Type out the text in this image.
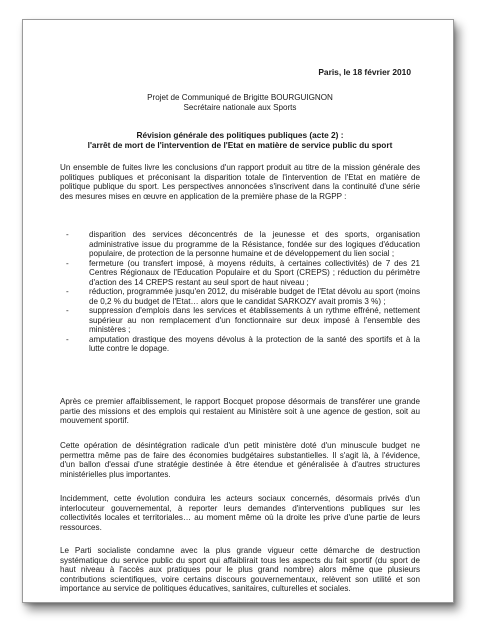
Paris, le 18 février 2010
Projet de Communiqué de Brigitte BOURGUIGNON
Secrétaire nationale aux Sports
Révision générale des politiques publiques (acte 2) :
l'arrêt de mort de l'intervention de l'Etat en matière de service public du sport

Un ensemble de fuites livre les conclusions d'un rapport produit au titre de la mission générale des politiques publiques et préconisant la disparition totale de l'intervention de l'Etat en matière de politique publique du sport. Les perspectives annoncées s'inscrivent dans la continuité d'une série des mesures mises en œuvre en application de la première phase de la RGPP :

-	disparition des services déconcentrés de la jeunesse et des sports, organisation administrative issue du programme de la Résistance, fondée sur des logiques d'éducation populaire, de protection de la personne humaine et de développement du lien social ;
-	fermeture (ou transfert imposé, à moyens réduits, à certaines collectivités) de 7 des 21 Centres Régionaux de l'Education Populaire et du Sport (CREPS) ; réduction du périmètre d'action des 14 CREPS restant au seul sport de haut niveau ;
-	réduction, programmée jusqu'en 2012, du misérable budget de l'Etat dévolu au sport (moins de 0,2 % du budget de l'Etat… alors que le candidat SARKOZY avait promis 3 %) ;
-	suppression d'emplois dans les services et établissements à un rythme effréné, nettement supérieur au non remplacement d'un fonctionnaire sur deux imposé à l'ensemble des ministères ;
-	amputation drastique des moyens dévolus à la protection de la santé des sportifs et à la lutte contre le dopage.

Après ce premier affaiblissement, le rapport Bocquet propose désormais de transférer une grande partie des missions et des emplois qui restaient au Ministère soit à une agence de gestion, soit au mouvement sportif.

Cette opération de désintégration radicale d'un petit ministère doté d'un minuscule budget ne permettra même pas de faire des économies budgétaires substantielles. Il s'agit là, à l'évidence, d'un ballon d'essai d'une stratégie destinée à être étendue et généralisée à d'autres structures ministérielles plus importantes.

Incidemment, cette évolution conduira les acteurs sociaux concernés, désormais privés d'un interlocuteur gouvernemental, à reporter leurs demandes d'interventions publiques sur les collectivités locales et territoriales… au moment même où la droite les prive d'une partie de leurs ressources.

Le Parti socialiste condamne avec la plus grande vigueur cette démarche de destruction systématique du service public du sport qui affaiblirait tous les aspects du fait sportif (du sport de haut niveau à l'accès aux pratiques pour le plus grand nombre) alors même que plusieurs contributions scientifiques, voire certains discours gouvernementaux, relèvent son utilité et son importance au service de politiques éducatives, sanitaires, culturelles et sociales.
